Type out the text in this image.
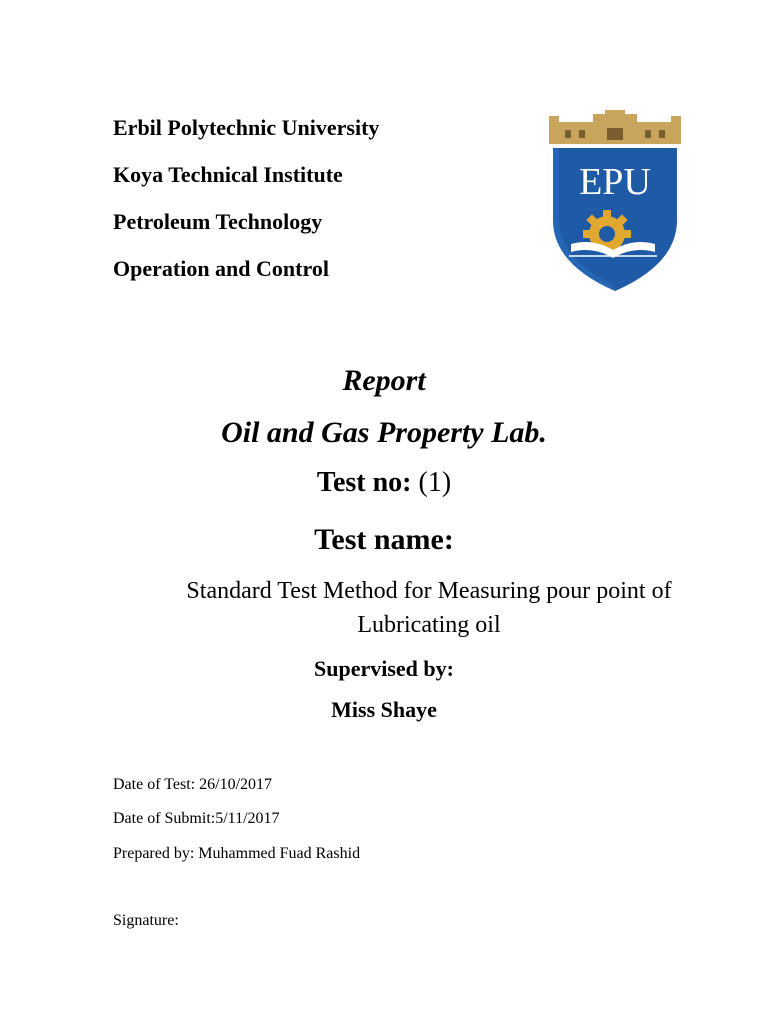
Erbil Polytechnic University
Koya Technical Institute
Petroleum Technology
Operation and Control
EPU
Report
Oil and Gas Property Lab.
Test no: (1)
Test name:
Standard Test Method for Measuring pour point of Lubricating oil
Supervised by:
Miss Shaye
Date of Test: 26/10/2017
Date of Submit:5/11/2017
Prepared by: Muhammed Fuad Rashid
Signature:
